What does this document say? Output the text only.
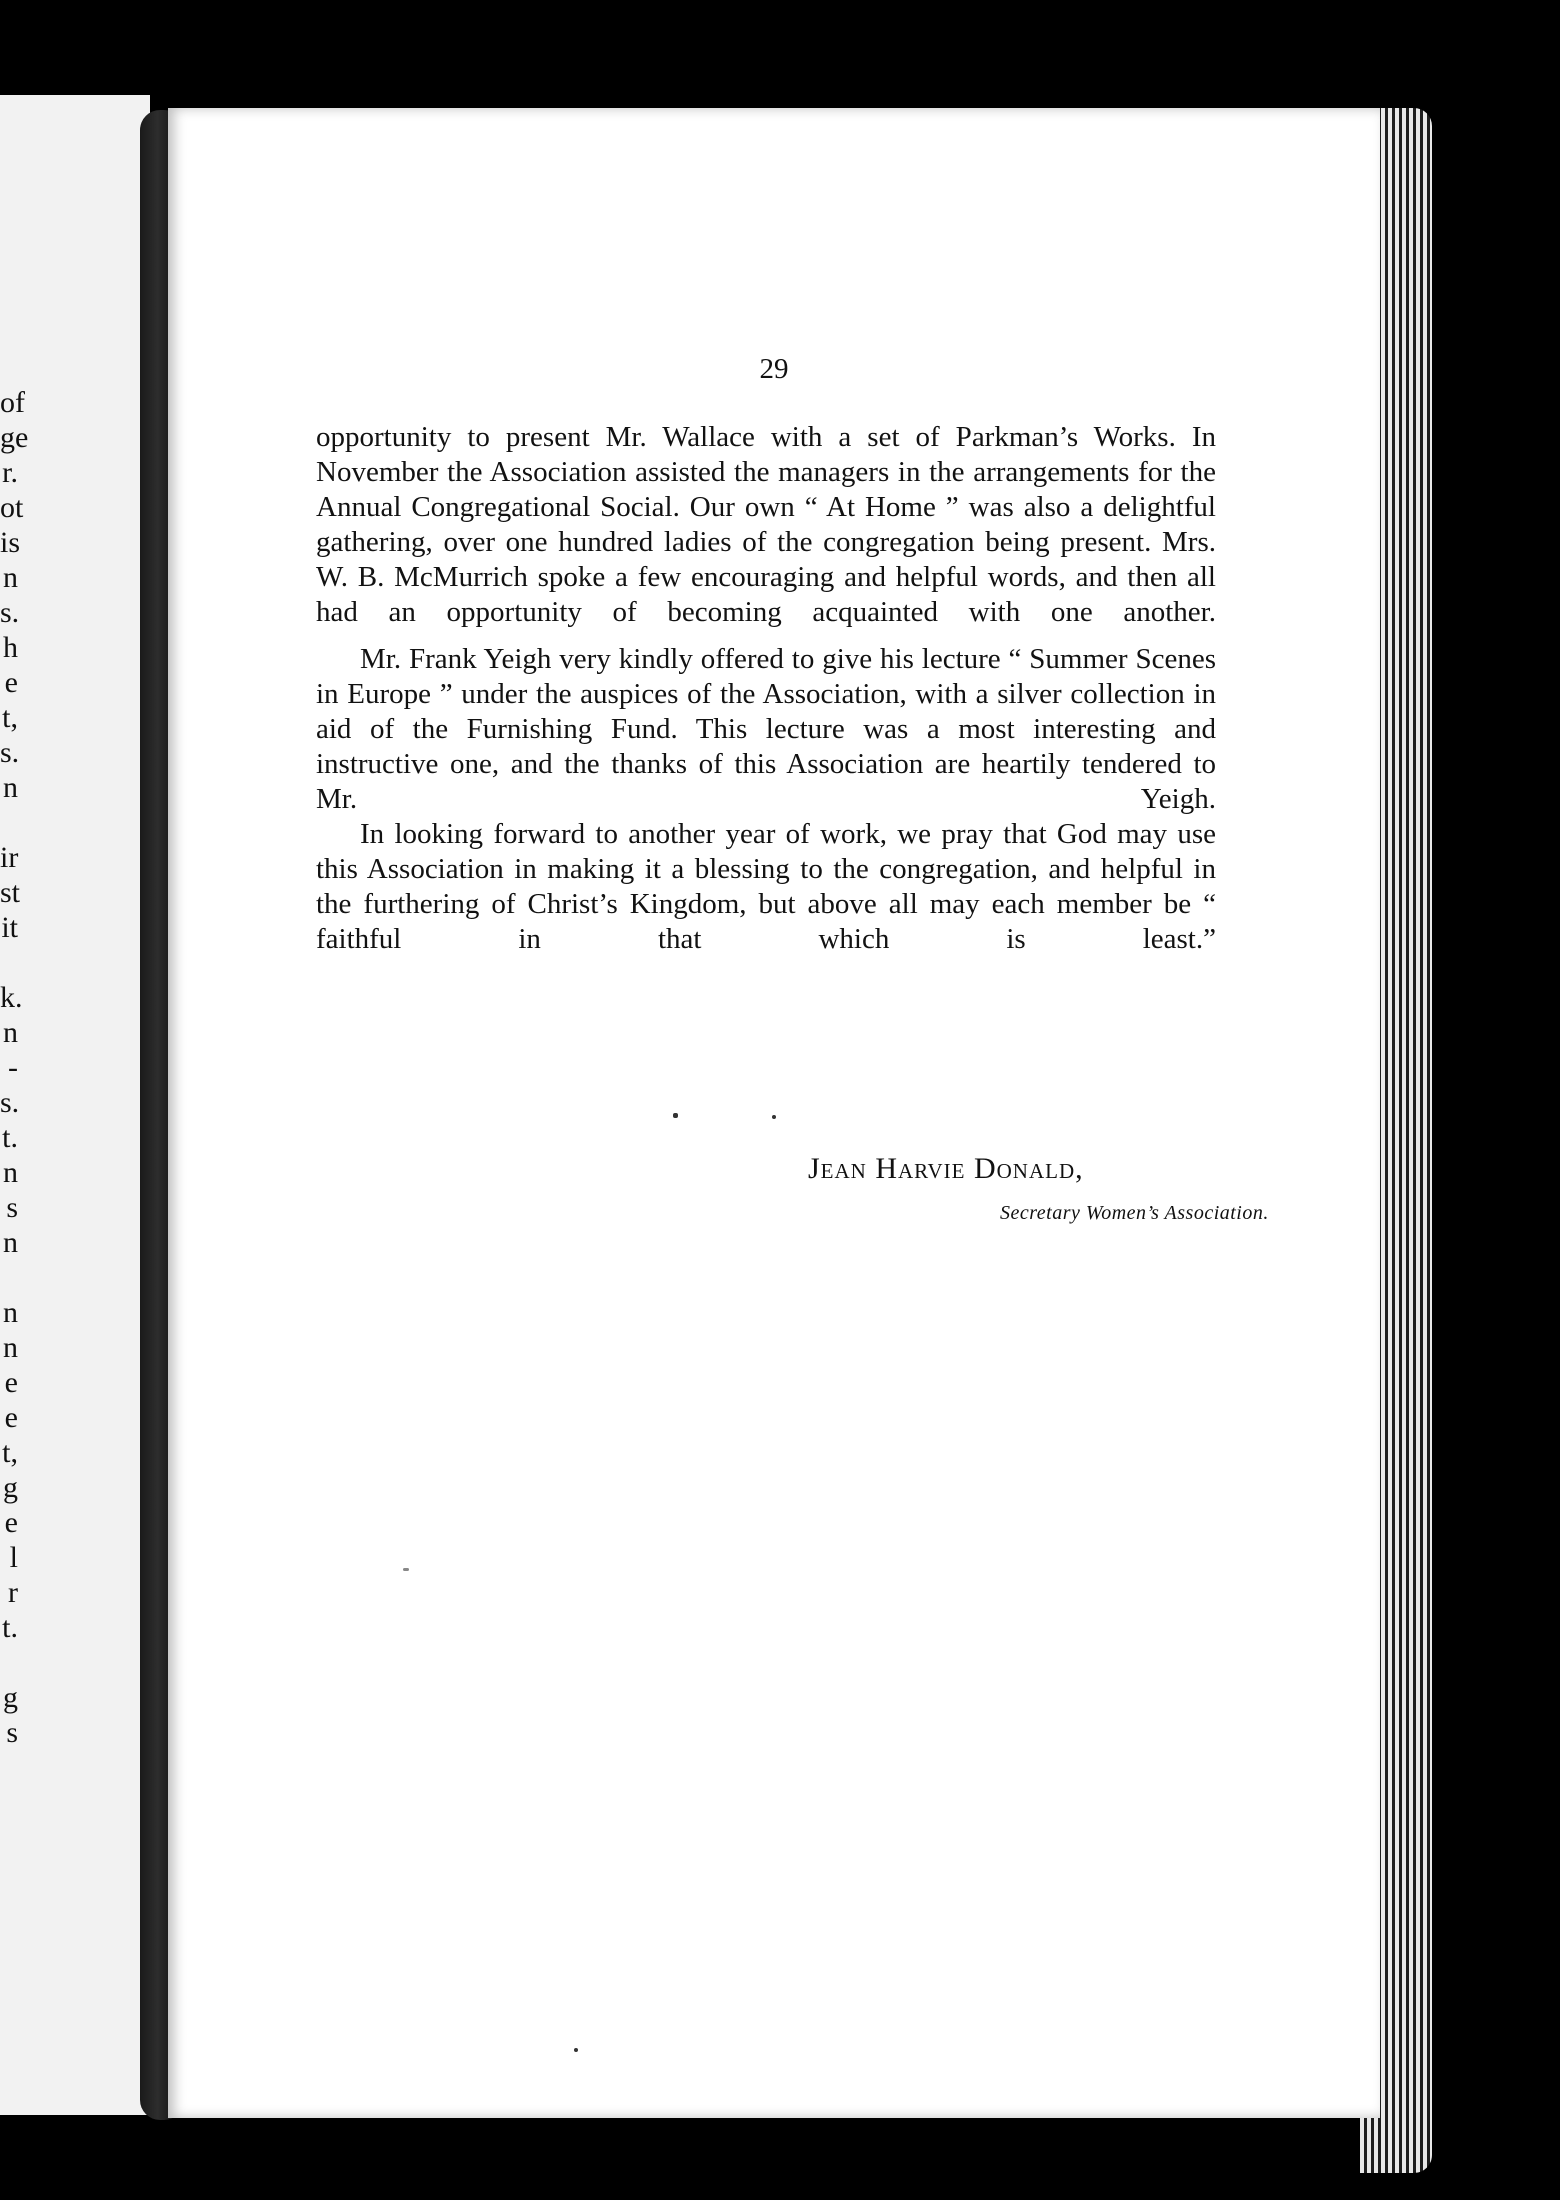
of
ge
r.
ot
is
n
s.
h
e
t,
s.
n
ir
st
it
k.
n
-
s.
t.
n
s
n
n
n
e
e
t,
g
e
l
r
t.
g
s
29

opportunity to present Mr. Wallace with a set of Parkman’s Works. In November the Association assisted the managers in the arrangements for the Annual Congregational Social. Our own “ At Home ” was also a delightful gathering, over one hundred ladies of the congregation being present. Mrs. W. B. McMurrich spoke a few encouraging and helpful words, and then all had an opportunity of becoming acquainted with one another.

Mr. Frank Yeigh very kindly offered to give his lecture “ Summer Scenes in Europe ” under the auspices of the Association, with a silver collection in aid of the Furnishing Fund. This lecture was a most interesting and instructive one, and the thanks of this Association are heartily tendered to Mr. Yeigh.

In looking forward to another year of work, we pray that God may use this Association in making it a blessing to the congregation, and helpful in the furthering of Christ’s Kingdom, but above all may each member be “ faithful in that which is least.”

Jean Harvie Donald,
Secretary Women’s Association.
